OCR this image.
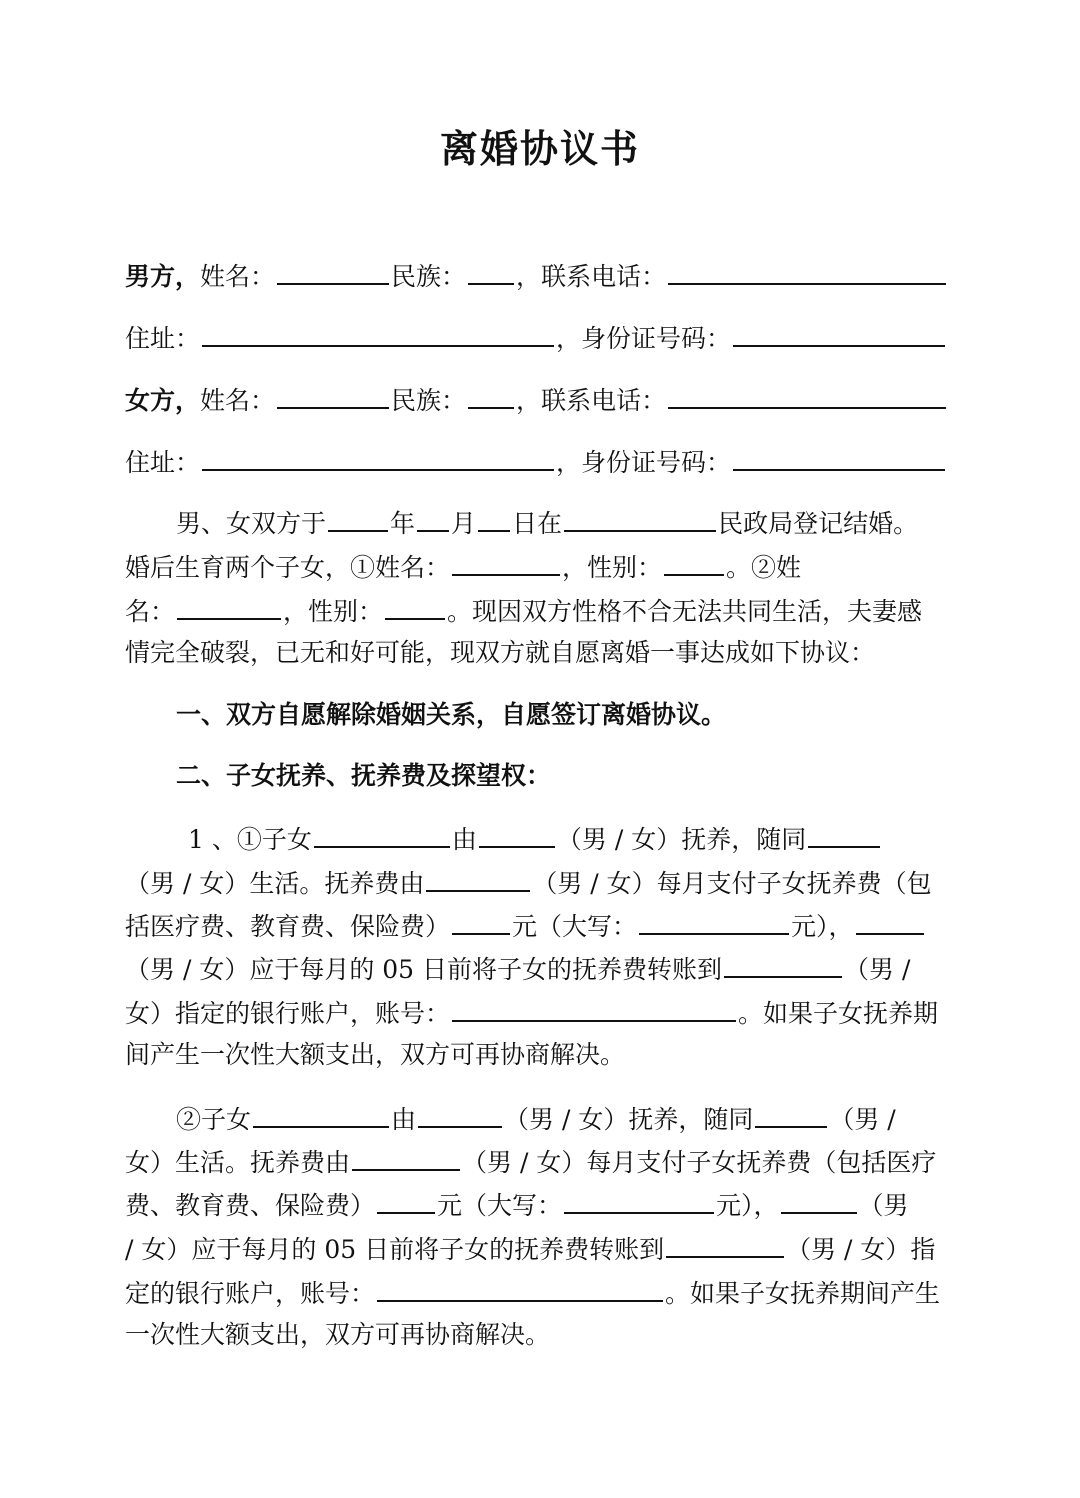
离婚协议书
男方，姓名：	民族： ，联系电话：
住址：	，身份证号码：
女方，姓名：	民族： ，联系电话：
住址：	，身份证号码：
男、女双方于	年 月 日在	民政局登记结婚。
婚后生育两个子女，①姓名：	，性别：	。②姓
名：	，性别：	。现因双方性格不合无法共同生活，夫妻感
情完全破裂，已无和好可能，现双方就自愿离婚一事达成如下协议：
一、双方自愿解除婚姻关系，自愿签订离婚协议。
二、子女抚养、抚养费及探望权：
1 、①子女	由	（男 / 女）抚养，随同
（男 / 女）生活。抚养费由	（男 / 女）每月支付子女抚养费（包
括医疗费、教育费、保险费） 元（大写：	元），
（男 / 女）应于每月的 05 日前将子女的抚养费转账到	（男 /
女）指定的银行账户，账号：	。如果子女抚养期
间产生一次性大额支出，双方可再协商解决。
②子女	由	（男 / 女）抚养，随同	（男 /
女）生活。抚养费由	（男 / 女）每月支付子女抚养费（包括医疗
费、教育费、保险费） 元（大写：	元），	（男
/ 女）应于每月的 05 日前将子女的抚养费转账到	（男 / 女）指
定的银行账户，账号：	。如果子女抚养期间产生
一次性大额支出，双方可再协商解决。
